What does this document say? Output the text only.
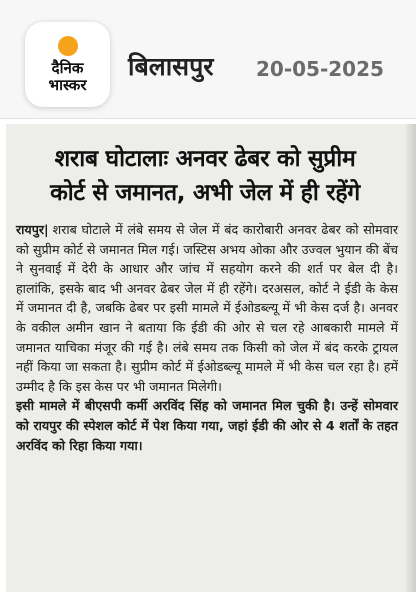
दैनिक
भास्कर
बिलासपुर 20-05-2025
शराब घोटालाः अनवर ढेबर को सुप्रीम
कोर्ट से जमानत, अभी जेल में ही रहेंगे
रायपुर| शराब घोटाले में लंबे समय से जेल में बंद कारोबारी अनवर ढेबर को सोमवार को सुप्रीम कोर्ट से जमानत मिल गई। जस्टिस अभय ओका और उज्वल भुयान की बेंच ने सुनवाई में देरी के आधार और जांच में सहयोग करने की शर्त पर बेल दी है। हालांकि, इसके बाद भी अनवर ढेबर जेल में ही रहेंगे। दरअसल, कोर्ट ने ईडी के केस में जमानत दी है, जबकि ढेबर पर इसी मामले में ईओडब्ल्यू में भी केस दर्ज है। अनवर के वकील अमीन खान ने बताया कि ईडी की ओर से चल रहे आबकारी मामले में जमानत याचिका मंजूर की गई है। लंबे समय तक किसी को जेल में बंद करके ट्रायल नहीं किया जा सकता है। सुप्रीम कोर्ट में ईओडब्ल्यू मामले में भी केस चल रहा है। हमें उम्मीद है कि इस केस पर भी जमानत मिलेगी।
इसी मामले में बीएसपी कर्मी अरविंद सिंह को जमानत मिल चुकी है। उन्हें सोमवार को रायपुर की स्पेशल कोर्ट में पेश किया गया, जहां ईडी की ओर से 4 शर्तों के तहत अरविंद को रिहा किया गया।
